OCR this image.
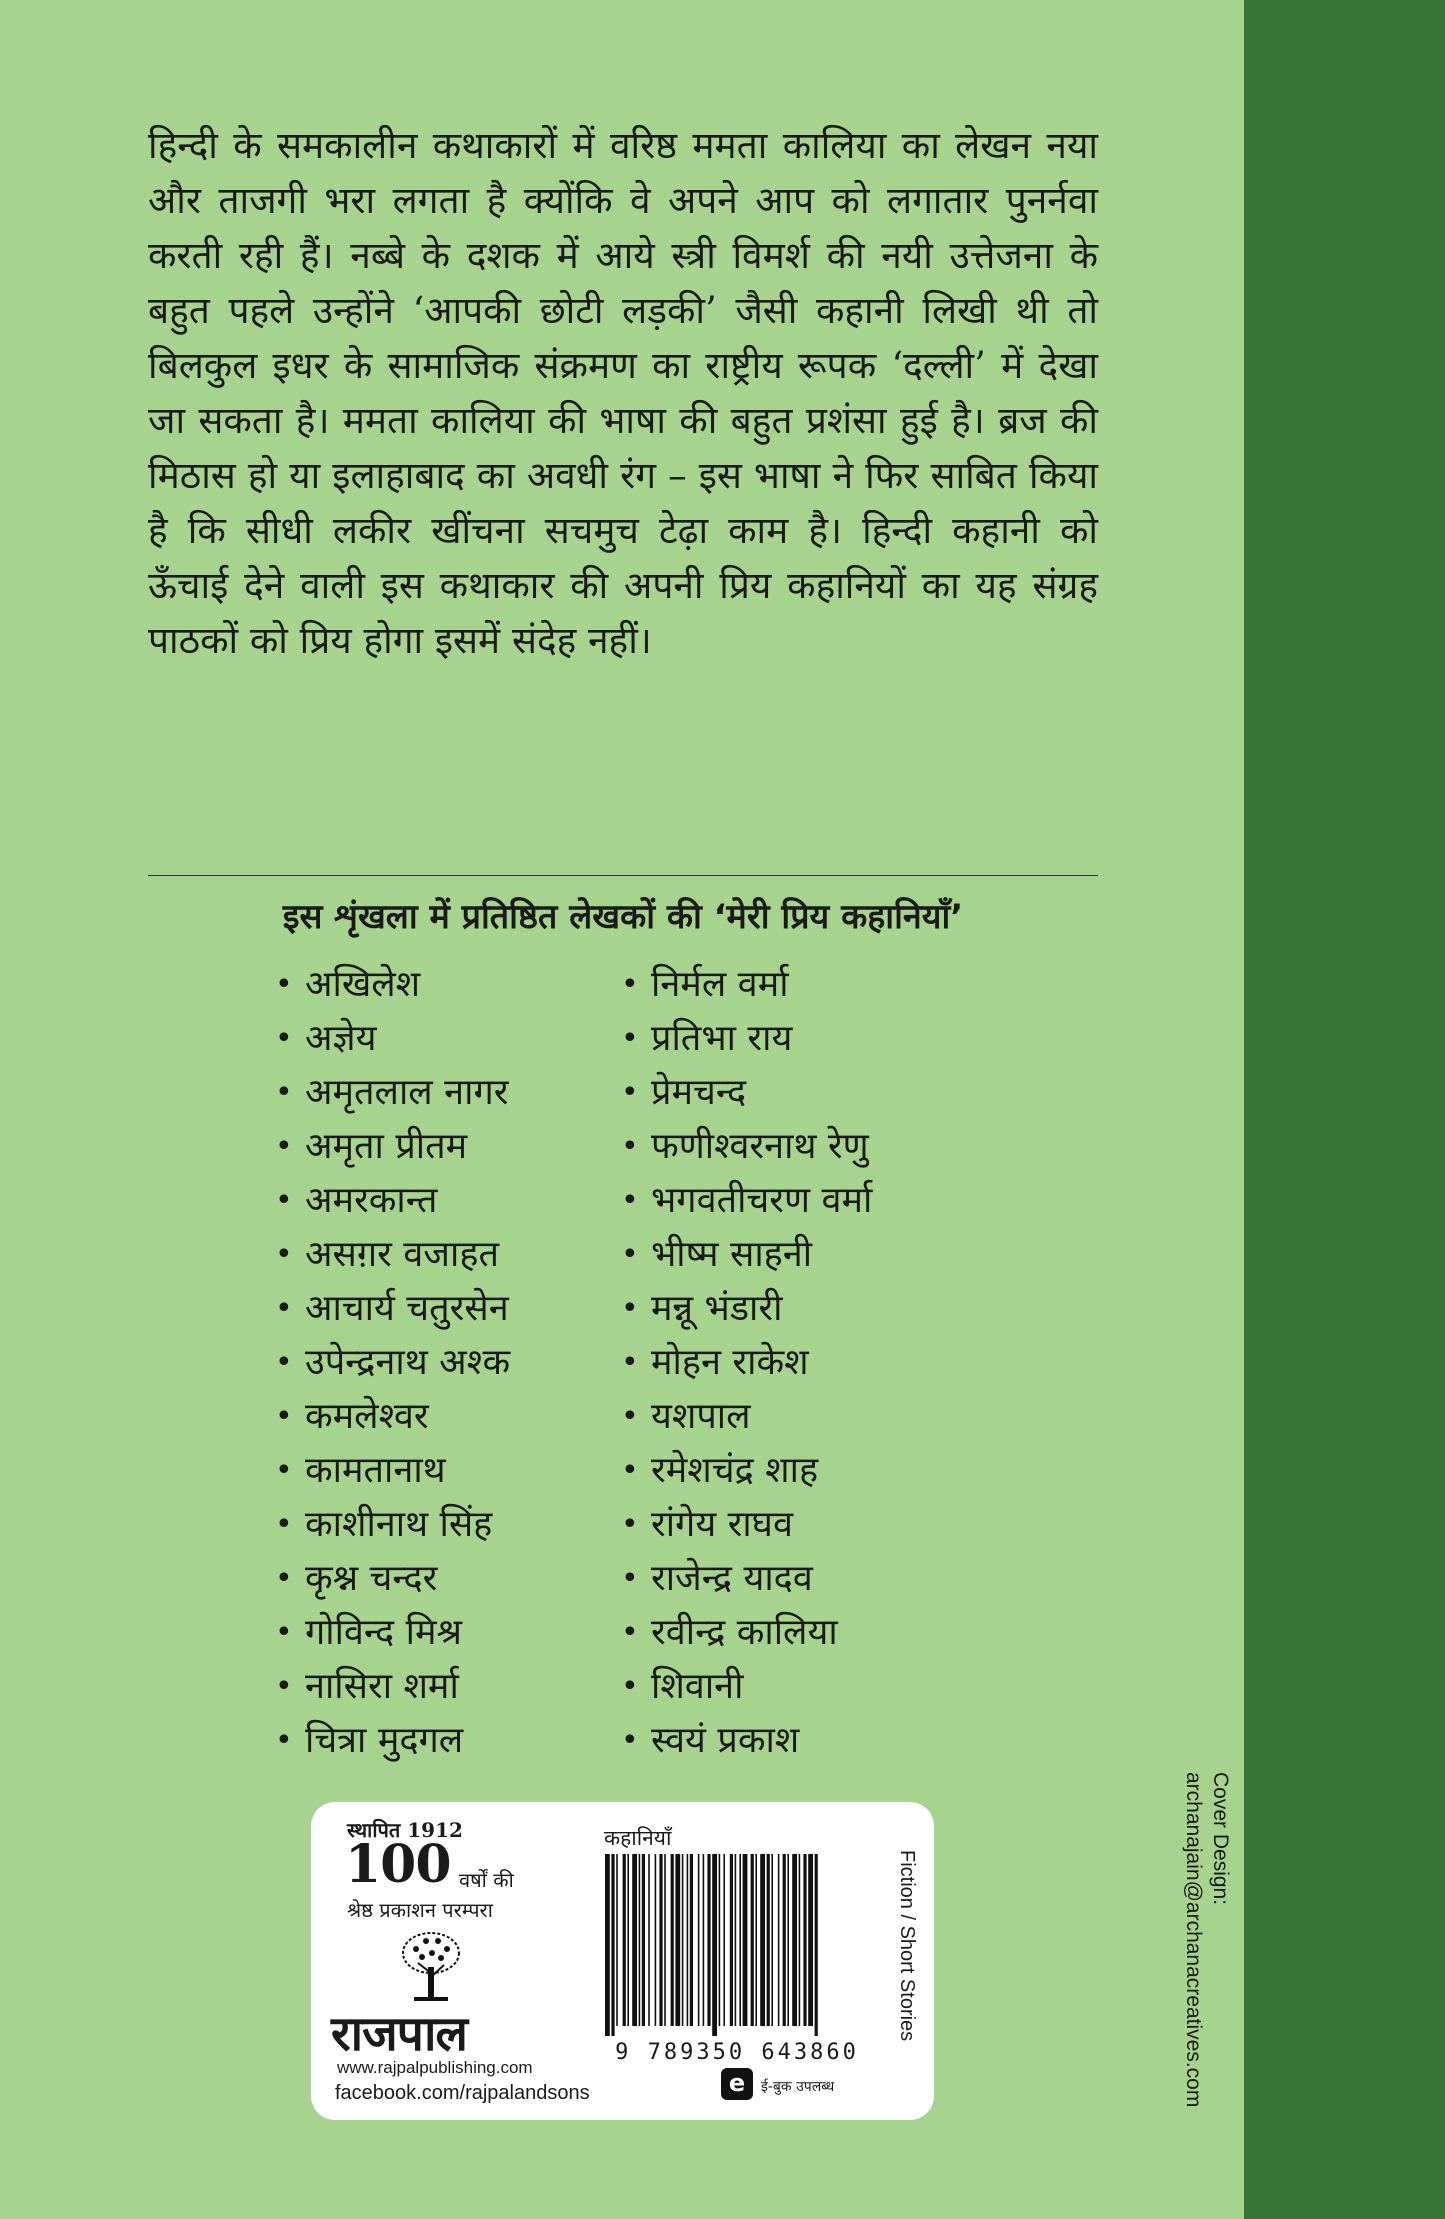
हिन्दी के समकालीन कथाकारों में वरिष्ठ ममता कालिया का लेखन नया और ताजगी भरा लगता है क्योंकि वे अपने आप को लगातार पुनर्नवा करती रही हैं। नब्बे के दशक में आये स्त्री विमर्श की नयी उत्तेजना के बहुत पहले उन्होंने ‘आपकी छोटी लड़की’ जैसी कहानी लिखी थी तो बिलकुल इधर के सामाजिक संक्रमण का राष्ट्रीय रूपक ‘दल्ली’ में देखा जा सकता है। ममता कालिया की भाषा की बहुत प्रशंसा हुई है। ब्रज की मिठास हो या इलाहाबाद का अवधी रंग – इस भाषा ने फिर साबित किया है कि सीधी लकीर खींचना सचमुच टेढ़ा काम है। हिन्दी कहानी को ऊँचाई देने वाली इस कथाकार की अपनी प्रिय कहानियों का यह संग्रह पाठकों को प्रिय होगा इसमें संदेह नहीं।

इस शृंखला में प्रतिष्ठित लेखकों की ‘मेरी प्रिय कहानियाँ’
• अखिलेश
• अज्ञेय
• अमृतलाल नागर
• अमृता प्रीतम
• अमरकान्त
• असग़र वजाहत
• आचार्य चतुरसेन
• उपेन्द्रनाथ अश्क
• कमलेश्वर
• कामतानाथ
• काशीनाथ सिंह
• कृश्न चन्दर
• गोविन्द मिश्र
• नासिरा शर्मा
• चित्रा मुदगल
• निर्मल वर्मा
• प्रतिभा राय
• प्रेमचन्द
• फणीश्वरनाथ रेणु
• भगवतीचरण वर्मा
• भीष्म साहनी
• मन्नू भंडारी
• मोहन राकेश
• यशपाल
• रमेशचंद्र शाह
• रांगेय राघव
• राजेन्द्र यादव
• रवीन्द्र कालिया
• शिवानी
• स्वयं प्रकाश
स्थापित 1912
100 वर्षों की
श्रेष्ठ प्रकाशन परम्परा
राजपाल
www.rajpalpublishing.com
facebook.com/rajpalandsons
कहानियाँ
9 789350 643860
e	ई-बुक उपलब्ध
Fiction / Short Stories
Cover Design:
archanajain@archanacreatives.com
